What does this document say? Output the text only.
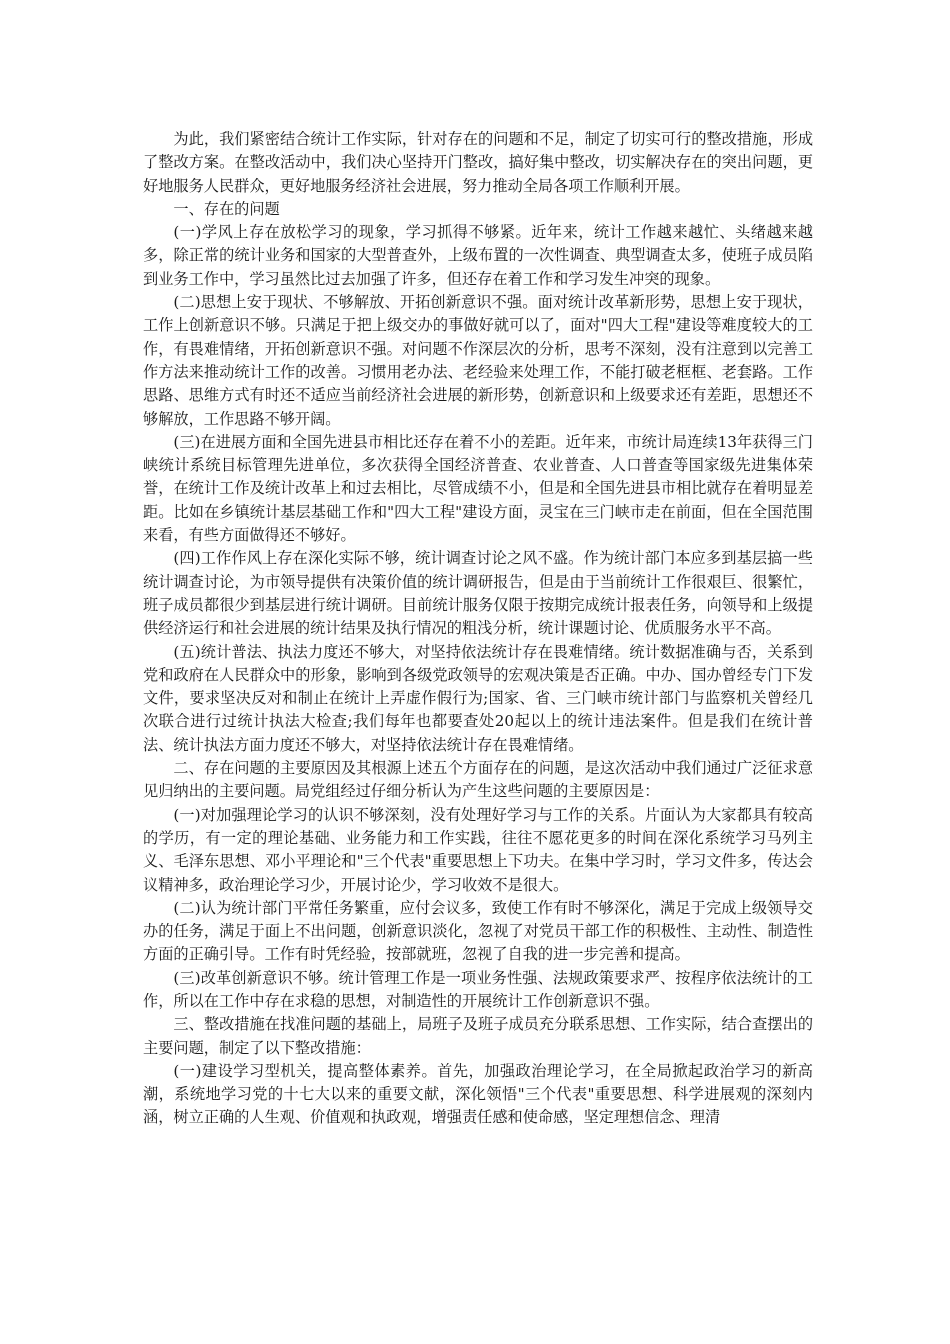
为此，我们紧密结合统计工作实际，针对存在的问题和不足，制定了切实可行的整改措施，形成了整改方案。在整改活动中，我们决心坚持开门整改，搞好集中整改，切实解决存在的突出问题，更好地服务人民群众，更好地服务经济社会进展，努力推动全局各项工作顺利开展。

一、存在的问题

(一)学风上存在放松学习的现象，学习抓得不够紧。近年来，统计工作越来越忙、头绪越来越多，除正常的统计业务和国家的大型普查外，上级布置的一次性调查、典型调查太多，使班子成员陷到业务工作中，学习虽然比过去加强了许多，但还存在着工作和学习发生冲突的现象。

(二)思想上安于现状、不够解放、开拓创新意识不强。面对统计改革新形势，思想上安于现状，工作上创新意识不够。只满足于把上级交办的事做好就可以了，面对"四大工程"建设等难度较大的工作，有畏难情绪，开拓创新意识不强。对问题不作深层次的分析，思考不深刻，没有注意到以完善工作方法来推动统计工作的改善。习惯用老办法、老经验来处理工作，不能打破老框框、老套路。工作思路、思维方式有时还不适应当前经济社会进展的新形势，创新意识和上级要求还有差距，思想还不够解放，工作思路不够开阔。

(三)在进展方面和全国先进县市相比还存在着不小的差距。近年来，市统计局连续13年获得三门峡统计系统目标管理先进单位，多次获得全国经济普查、农业普查、人口普查等国家级先进集体荣誉，在统计工作及统计改革上和过去相比，尽管成绩不小，但是和全国先进县市相比就存在着明显差距。比如在乡镇统计基层基础工作和"四大工程"建设方面，灵宝在三门峡市走在前面，但在全国范围来看，有些方面做得还不够好。

(四)工作作风上存在深化实际不够，统计调查讨论之风不盛。作为统计部门本应多到基层搞一些统计调查讨论，为市领导提供有决策价值的统计调研报告，但是由于当前统计工作很艰巨、很繁忙，班子成员都很少到基层进行统计调研。目前统计服务仅限于按期完成统计报表任务，向领导和上级提供经济运行和社会进展的统计结果及执行情况的粗浅分析，统计课题讨论、优质服务水平不高。

(五)统计普法、执法力度还不够大，对坚持依法统计存在畏难情绪。统计数据准确与否，关系到党和政府在人民群众中的形象，影响到各级党政领导的宏观决策是否正确。中办、国办曾经专门下发文件，要求坚决反对和制止在统计上弄虚作假行为;国家、省、三门峡市统计部门与监察机关曾经几次联合进行过统计执法大检查;我们每年也都要查处20起以上的统计违法案件。但是我们在统计普法、统计执法方面力度还不够大，对坚持依法统计存在畏难情绪。

二、存在问题的主要原因及其根源上述五个方面存在的问题，是这次活动中我们通过广泛征求意见归纳出的主要问题。局党组经过仔细分析认为产生这些问题的主要原因是：

(一)对加强理论学习的认识不够深刻，没有处理好学习与工作的关系。片面认为大家都具有较高的学历，有一定的理论基础、业务能力和工作实践，往往不愿花更多的时间在深化系统学习马列主义、毛泽东思想、邓小平理论和"三个代表"重要思想上下功夫。在集中学习时，学习文件多，传达会议精神多，政治理论学习少，开展讨论少，学习收效不是很大。

(二)认为统计部门平常任务繁重，应付会议多，致使工作有时不够深化，满足于完成上级领导交办的任务，满足于面上不出问题，创新意识淡化，忽视了对党员干部工作的积极性、主动性、制造性方面的正确引导。工作有时凭经验，按部就班，忽视了自我的进一步完善和提高。

(三)改革创新意识不够。统计管理工作是一项业务性强、法规政策要求严、按程序依法统计的工作，所以在工作中存在求稳的思想，对制造性的开展统计工作创新意识不强。

三、整改措施在找准问题的基础上，局班子及班子成员充分联系思想、工作实际，结合查摆出的主要问题，制定了以下整改措施：

(一)建设学习型机关，提高整体素养。首先，加强政治理论学习，在全局掀起政治学习的新高潮，系统地学习党的十七大以来的重要文献，深化领悟"三个代表"重要思想、科学进展观的深刻内涵，树立正确的人生观、价值观和执政观，增强责任感和使命感，坚定理想信念、理清
